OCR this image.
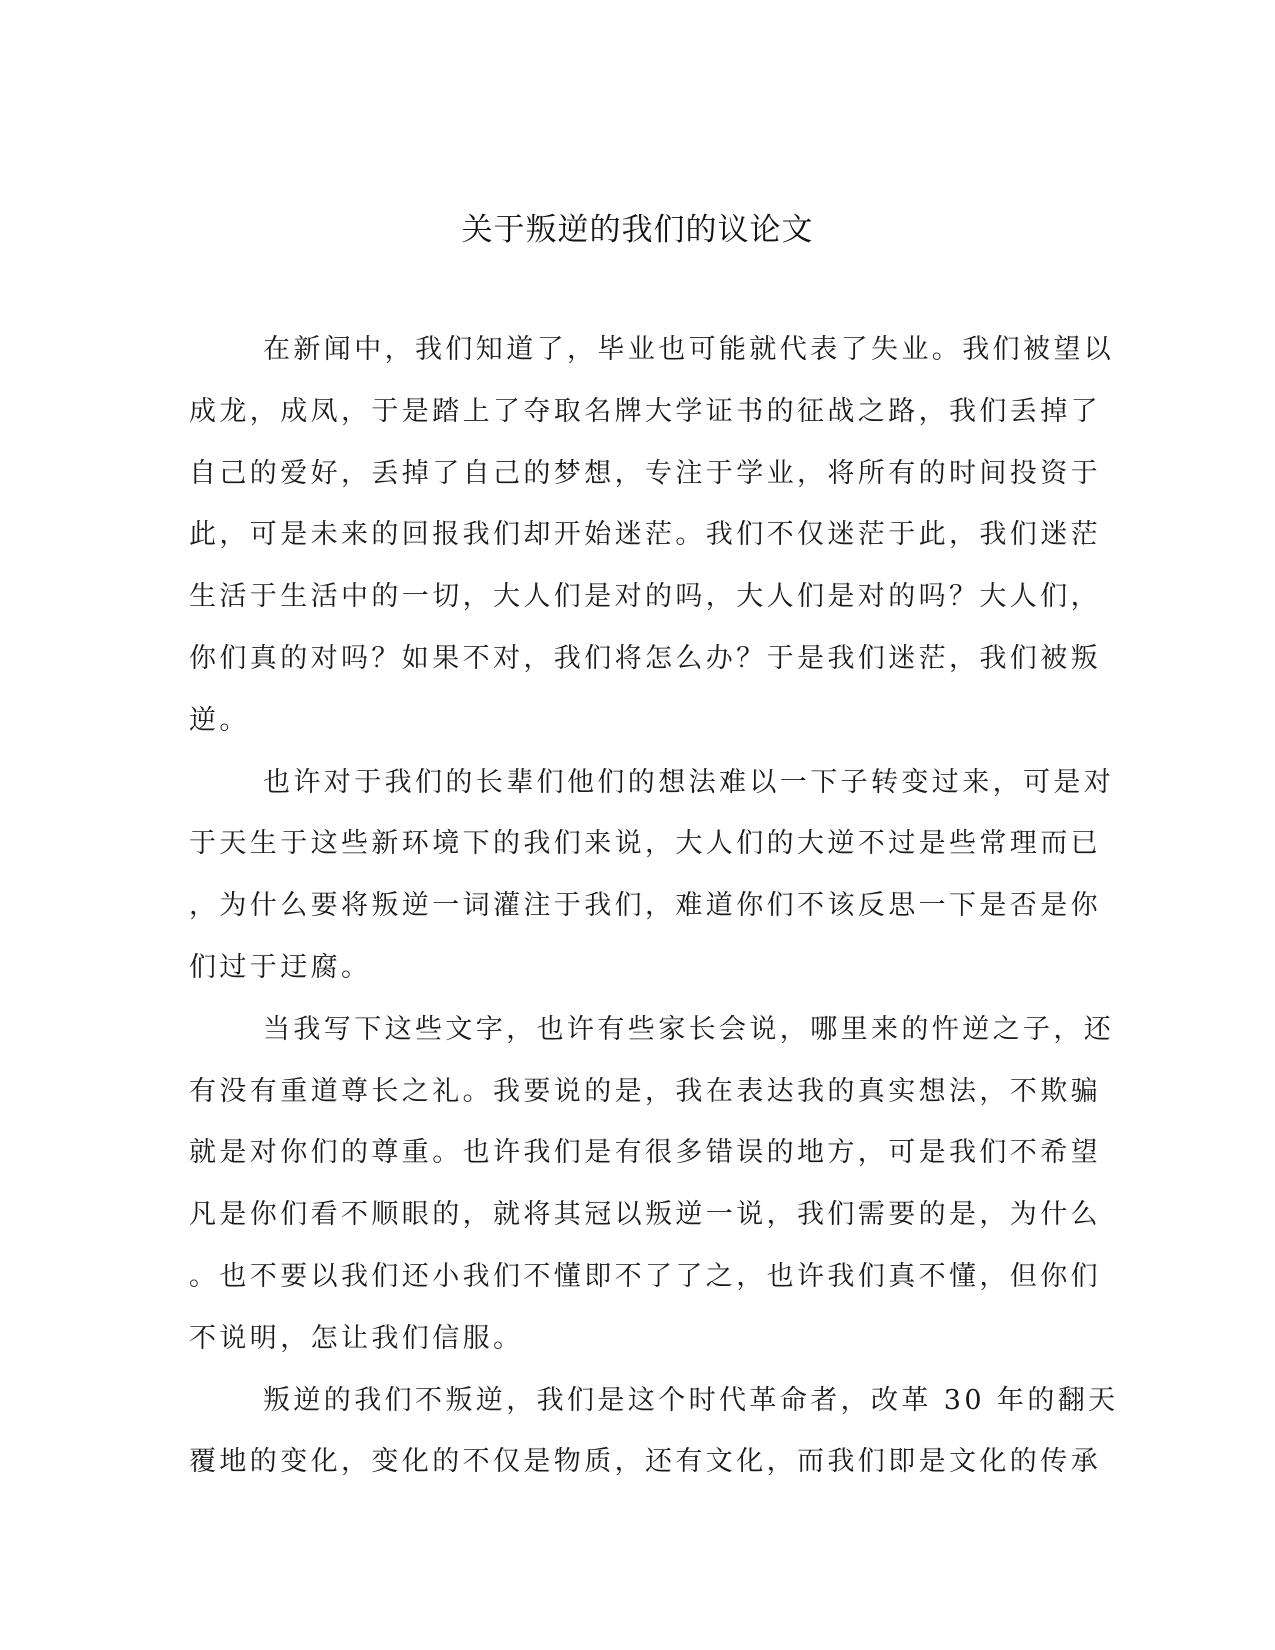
关于叛逆的我们的议论文
在新闻中，我们知道了，毕业也可能就代表了失业。我们被望以
成龙，成凤，于是踏上了夺取名牌大学证书的征战之路，我们丢掉了
自己的爱好，丢掉了自己的梦想，专注于学业，将所有的时间投资于
此，可是未来的回报我们却开始迷茫。我们不仅迷茫于此，我们迷茫
生活于生活中的一切，大人们是对的吗，大人们是对的吗？大人们，
你们真的对吗？如果不对，我们将怎么办？于是我们迷茫，我们被叛
逆。
也许对于我们的长辈们他们的想法难以一下子转变过来，可是对
于天生于这些新环境下的我们来说，大人们的大逆不过是些常理而已
，为什么要将叛逆一词灌注于我们，难道你们不该反思一下是否是你
们过于迂腐。
当我写下这些文字，也许有些家长会说，哪里来的忤逆之子，还
有没有重道尊长之礼。我要说的是，我在表达我的真实想法，不欺骗
就是对你们的尊重。也许我们是有很多错误的地方，可是我们不希望
凡是你们看不顺眼的，就将其冠以叛逆一说，我们需要的是，为什么
。也不要以我们还小我们不懂即不了了之，也许我们真不懂，但你们
不说明，怎让我们信服。
叛逆的我们不叛逆，我们是这个时代革命者，改革 30 年的翻天
覆地的变化，变化的不仅是物质，还有文化，而我们即是文化的传承
